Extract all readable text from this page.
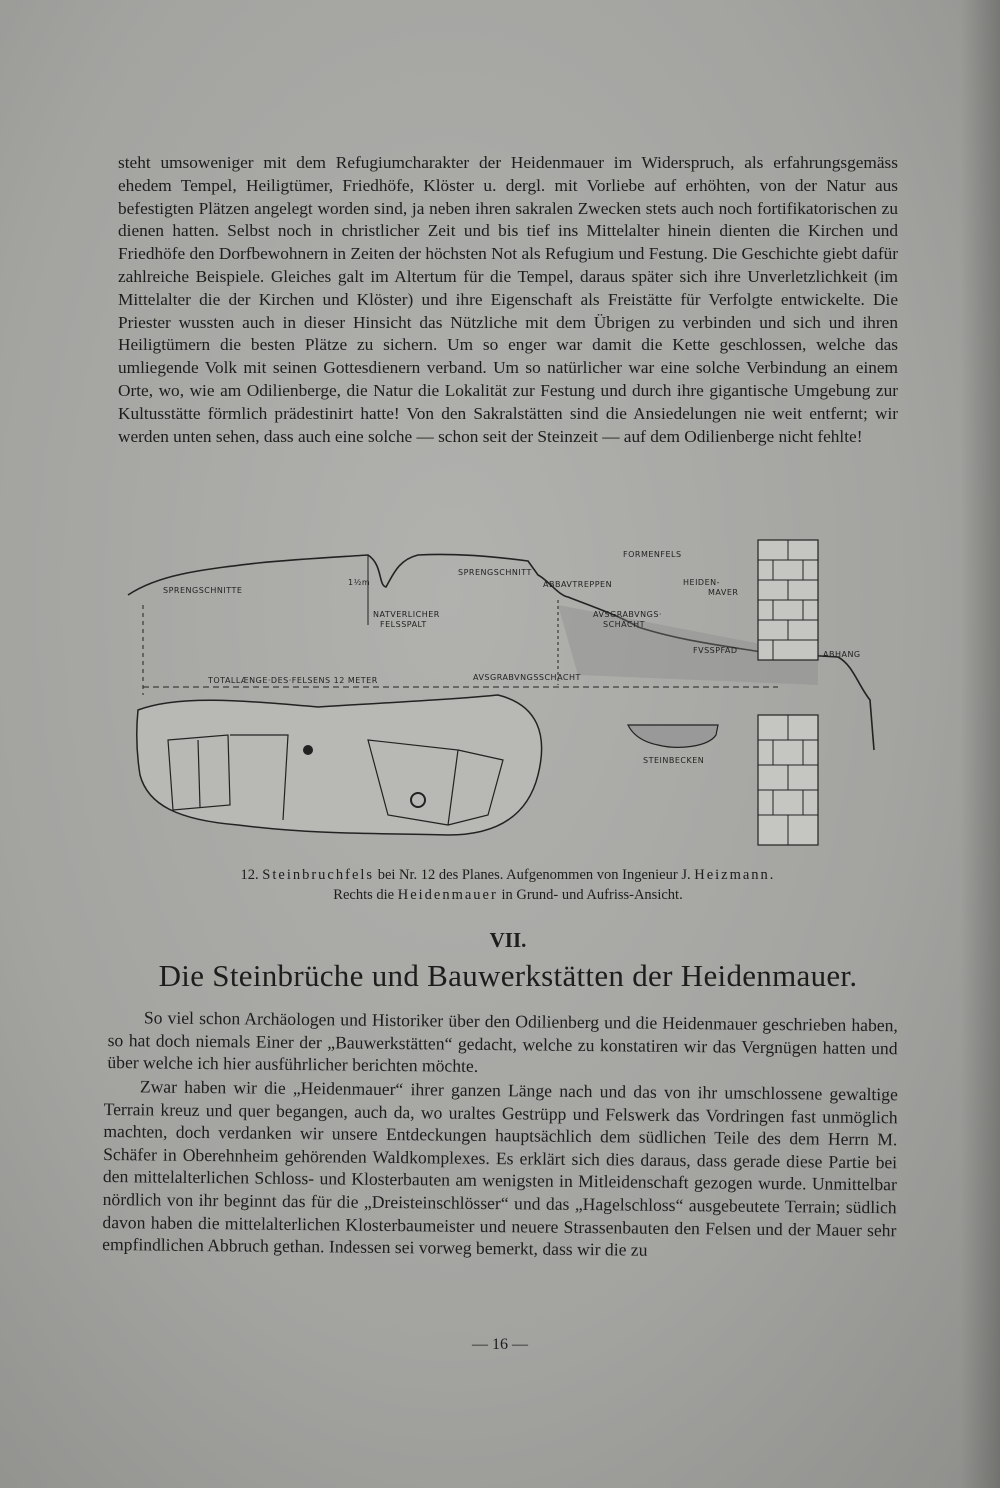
steht umsoweniger mit dem Refugiumcharakter der Heidenmauer im Widerspruch, als erfahrungsgemäss ehedem Tempel, Heiligtümer, Friedhöfe, Klöster u. dergl. mit Vorliebe auf erhöhten, von der Natur aus befestigten Plätzen angelegt worden sind, ja neben ihren sakralen Zwecken stets auch noch fortifikatorischen zu dienen hatten. Selbst noch in christlicher Zeit und bis tief ins Mittelalter hinein dienten die Kirchen und Friedhöfe den Dorfbewohnern in Zeiten der höchsten Not als Refugium und Festung. Die Geschichte giebt dafür zahlreiche Beispiele. Gleiches galt im Altertum für die Tempel, daraus später sich ihre Unverletzlichkeit (im Mittelalter die der Kirchen und Klöster) und ihre Eigenschaft als Freistätte für Verfolgte entwickelte. Die Priester wussten auch in dieser Hinsicht das Nützliche mit dem Übrigen zu verbinden und sich und ihren Heiligtümern die besten Plätze zu sichern. Um so enger war damit die Kette geschlossen, welche das umliegende Volk mit seinen Gottesdienern verband. Um so natürlicher war eine solche Verbindung an einem Orte, wo, wie am Odilienberge, die Natur die Lokalität zur Festung und durch ihre gigantische Umgebung zur Kultusstätte förmlich prädestinirt hatte! Von den Sakralstätten sind die Ansiedelungen nie weit entfernt; wir werden unten sehen, dass auch eine solche — schon seit der Steinzeit — auf dem Odilienberge nicht fehlte!

SPRENGSCHNITTE
SPRENGSCHNITT
1½m
NATVERLICHER
FELSSPALT
TOTALLÆNGE·DES·FELSENS 12 METER	AVSGRABVNGSSCHACHT
ABBAVTREPPEN
AVSGRABVNGS·
SCHACHT
FORMENFELS
HEIDEN-
MAVER
FVSSPFAD	ABHANG
STEINBECKEN

12. Steinbruchfels bei Nr. 12 des Planes. Aufgenommen von Ingenieur J. Heizmann.

Rechts die Heidenmauer in Grund- und Aufriss-Ansicht.

VII.

Die Steinbrüche und Bauwerkstätten der Heidenmauer.

So viel schon Archäologen und Historiker über den Odilienberg und die Heidenmauer geschrieben haben, so hat doch niemals Einer der „Bauwerkstätten“ gedacht, welche zu konstatiren wir das Vergnügen hatten und über welche ich hier ausführlicher berichten möchte.

Zwar haben wir die „Heidenmauer“ ihrer ganzen Länge nach und das von ihr umschlossene gewaltige Terrain kreuz und quer begangen, auch da, wo uraltes Gestrüpp und Felswerk das Vordringen fast unmöglich machten, doch verdanken wir unsere Entdeckungen hauptsächlich dem südlichen Teile des dem Herrn M. Schäfer in Oberehnheim gehörenden Waldkomplexes. Es erklärt sich dies daraus, dass gerade diese Partie bei den mittelalterlichen Schloss- und Klosterbauten am wenigsten in Mitleidenschaft gezogen wurde. Unmittelbar nördlich von ihr beginnt das für die „Dreisteinschlösser“ und das „Hagelschloss“ ausgebeutete Terrain; südlich davon haben die mittelalterlichen Klosterbaumeister und neuere Strassenbauten den Felsen und der Mauer sehr empfindlichen Abbruch gethan. Indessen sei vorweg bemerkt, dass wir die zu

— 16 —
